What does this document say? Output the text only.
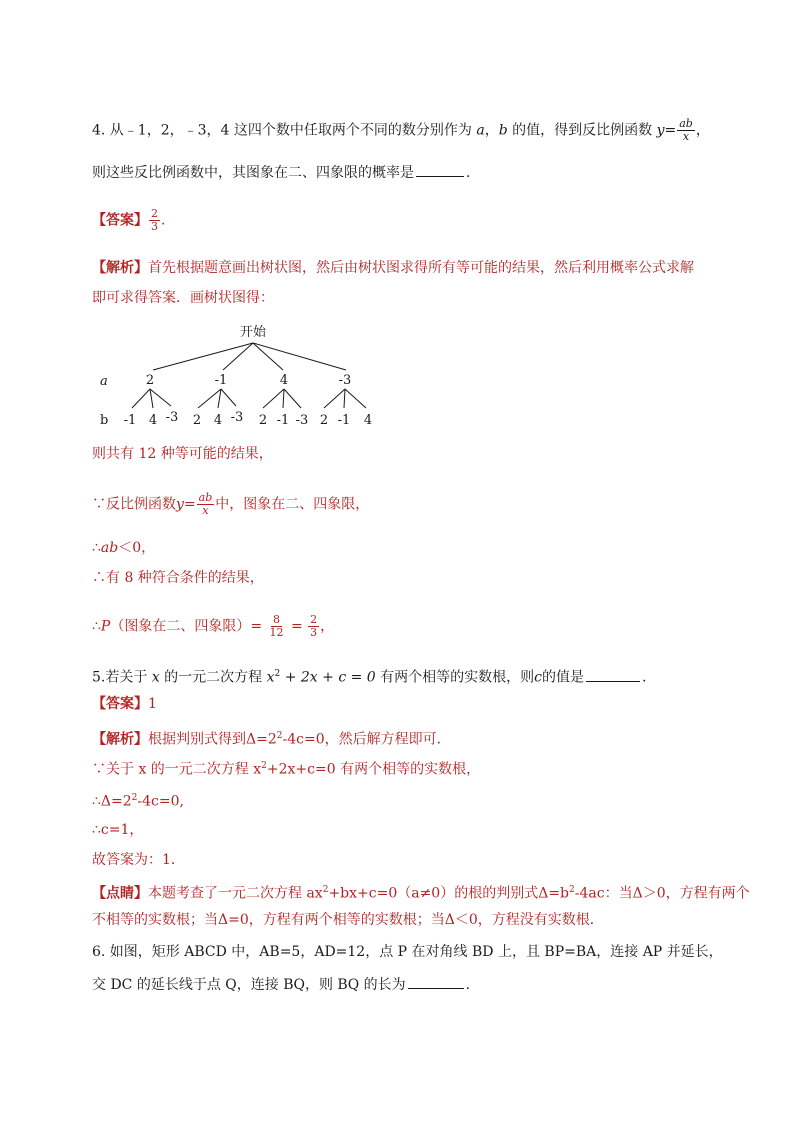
4. 从﹣1，2，﹣3，4 这四个数中任取两个不同的数分别作为 a，b 的值，得到反比例函数 $y= \frac{ab}{x}$ ，
则这些反比例函数中，其图象在二、四象限的概率是	.
【答案】 $\frac{2}{3}$ .
【解析】首先根据题意画出树状图，然后由树状图求得所有等可能的结果，然后利用概率公式求解
即可求得答案．画树状图得：
开始
a	2	-1	4	-3
b -1 4 -3 2 4 -3 2 -1 -3 2 -1 4
则共有 12 种等可能的结果，
∵反比例函数$y= \frac{ab}{x}$ 中，图象在二、四象限，
∴ab＜0，
∴有 8 种符合条件的结果，
∴P（图象在二、四象限）= $\frac{8}{12} = \frac{2}{3}$ ，
5.若关于 x 的一元二次方程 $x^2 + 2x + c = 0$ 有两个相等的实数根，则c的值是	.
【答案】1
【解析】根据判别式得到$\Delta=2^2-4c=0$，然后解方程即可．
∵关于 x 的一元二次方程 $x^2+2x+c=0$ 有两个相等的实数根，
$\therefore\Delta=2^2-4c=0$,
∴c=1，
故答案为：1．
【点睛】本题考查了一元二次方程 $ax^2+bx+c=0(a\ne 0)$的根的判别式$\Delta=b^2-4ac$：当Δ＞0，方程有两个
不相等的实数根；当Δ=0，方程有两个相等的实数根；当Δ＜0，方程没有实数根．
6. 如图，矩形 ABCD 中，AB=5，AD=12，点 P 在对角线 BD 上，且 BP=BA，连接 AP 并延长，
交 DC 的延长线于点 Q，连接 BQ，则 BQ 的长为	.
